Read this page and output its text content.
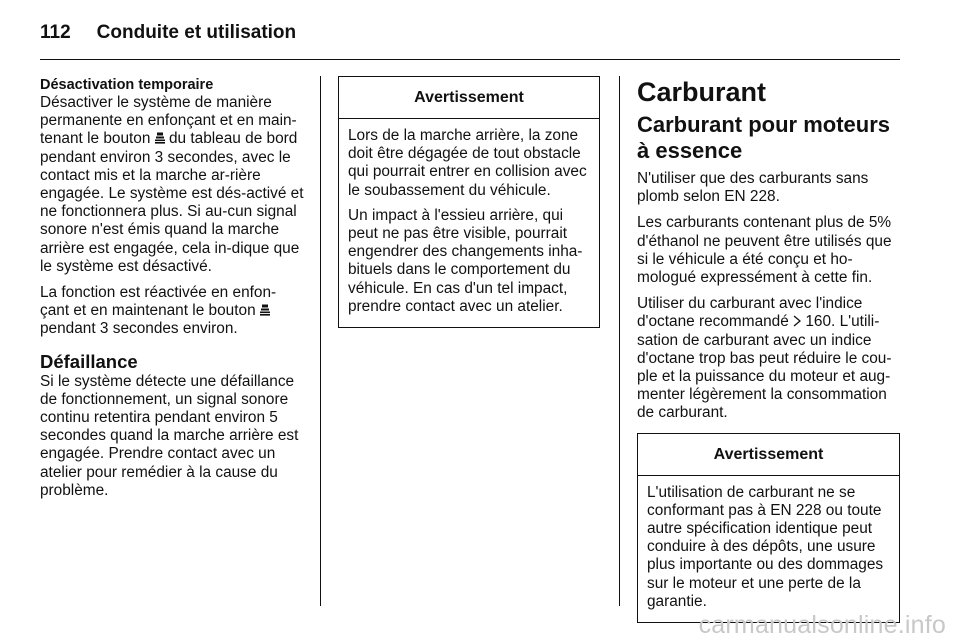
112 Conduite et utilisation
Désactivation temporaire

Désactiver le système de manière permanente en enfonçant et en main-tenant le bouton du tableau de bord pendant environ 3 secondes, avec le contact mis et la marche ar-rière engagée. Le système est dés-activé et ne fonctionnera plus. Si au-cun signal sonore n'est émis quand la marche arrière est engagée, cela in-dique que le système est désactivé.

La fonction est réactivée en enfon-çant et en maintenant le bouton
pendant 3 secondes environ.

Défaillance

Si le système détecte une défaillance de fonctionnement, un signal sonore continu retentira pendant environ 5 secondes quand la marche arrière est engagée. Prendre contact avec un atelier pour remédier à la cause du problème.

Avertissement

Lors de la marche arrière, la zone doit être dégagée de tout obstacle qui pourrait entrer en collision avec le soubassement du véhicule.

Un impact à l'essieu arrière, qui peut ne pas être visible, pourrait engendrer des changements inha-bituels dans le comportement du véhicule. En cas d'un tel impact, prendre contact avec un atelier.

Carburant
Carburant pour moteurs à essence

N'utiliser que des carburants sans plomb selon EN 228.

Les carburants contenant plus de 5% d'éthanol ne peuvent être utilisés que si le véhicule a été conçu et ho-mologué expressément à cette fin.

Utiliser du carburant avec l'indice d'octane recommandé 160. L'utili-sation de carburant avec un indice d'octane trop bas peut réduire le cou-ple et la puissance du moteur et aug-menter légèrement la consommation de carburant.

Avertissement

L'utilisation de carburant ne se conformant pas à EN 228 ou toute autre spécification identique peut conduire à des dépôts, une usure plus importante ou des dommages sur le moteur et une perte de la garantie.

carmanualsonline.info
